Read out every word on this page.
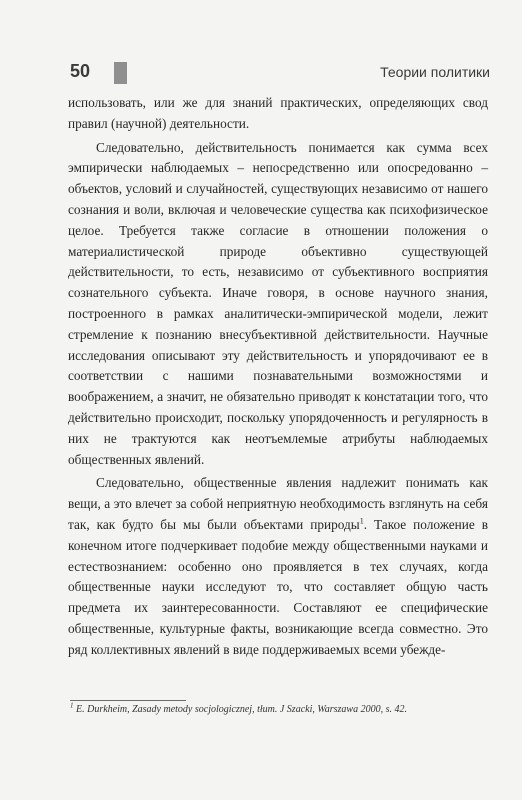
50	Теории политики

использовать, или же для знаний практических, определяющих свод правил (научной) деятельности.

Следовательно, действительность понимается как сумма всех эмпирически наблюдаемых – непосредственно или опосредованно – объектов, условий и случайностей, существующих независимо от нашего сознания и воли, включая и человеческие существа как психофизическое целое. Требуется также согласие в отношении положения о материалистической природе объективно существующей действительности, то есть, независимо от субъективного восприятия сознательного субъекта. Иначе говоря, в основе научного знания, построенного в рамках аналитически-эмпирической модели, лежит стремление к познанию внесубъективной действительности. Научные исследования описывают эту действительность и упорядочивают ее в соответствии с нашими познавательными возможностями и воображением, а значит, не обязательно приводят к констатации того, что действительно происходит, поскольку упорядоченность и регулярность в них не трактуются как неотъемлемые атрибуты наблюдаемых общественных явлений.

Следовательно, общественные явления надлежит понимать как вещи, а это влечет за собой неприятную необходимость взглянуть на себя так, как будто бы мы были объектами природы$^1$. Такое положение в конечном итоге подчеркивает подобие между общественными науками и естествознанием: особенно оно проявляется в тех случаях, когда общественные науки исследуют то, что составляет общую часть предмета их заинтересованности. Составляют ее специфические общественные, культурные факты, возникающие всегда совместно. Это ряд коллективных явлений в виде поддерживаемых всеми убежде-

$^1$ E. Durkheim, Zasady metody socjologicznej, tłum. J Szacki, Warszawa 2000, s. 42.
